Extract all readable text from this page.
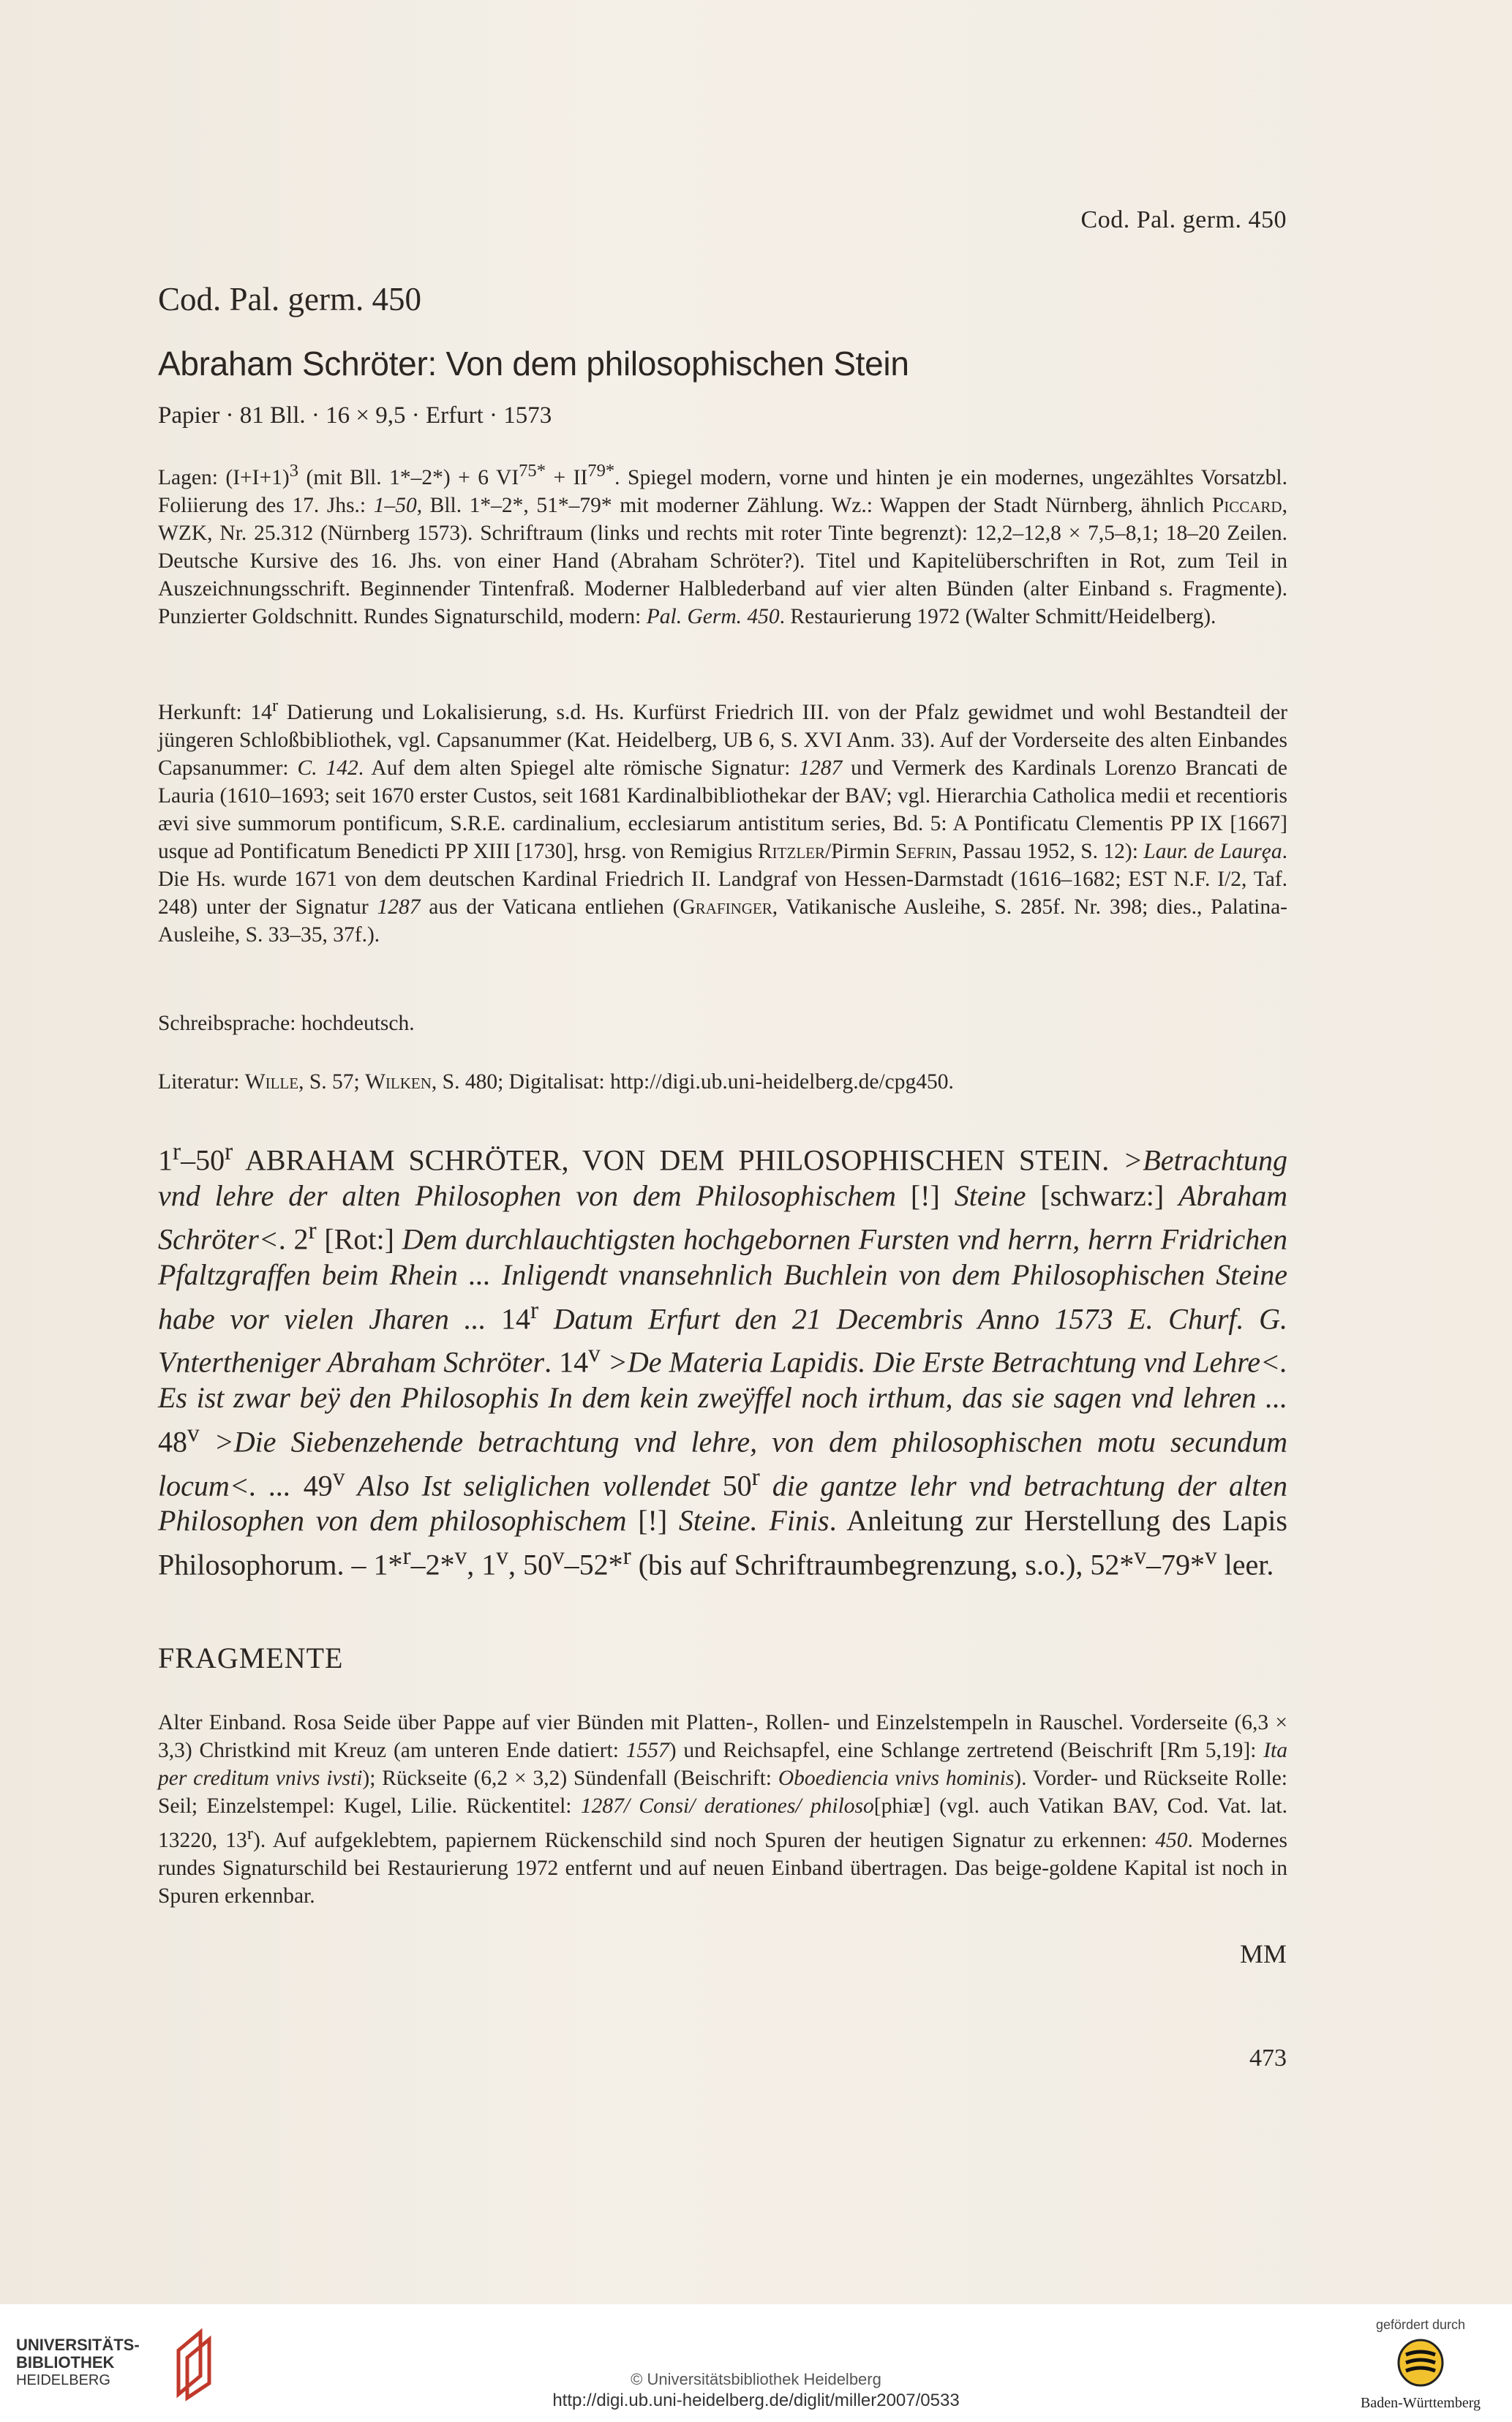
Cod. Pal. germ. 450
Cod. Pal. germ. 450
Abraham Schröter: Von dem philosophischen Stein
Papier · 81 Bll. · 16 × 9,5 · Erfurt · 1573

Lagen: $(I+I+1)^3$ (mit Bll. 1*–2*) + 6 $VI^{75*} + II^{79*}$. Spiegel modern, vorne und hinten je ein modernes, ungezähltes Vorsatzbl. Foliierung des 17. Jhs.: 1–50, Bll. 1*–2*, 51*–79* mit moderner Zählung. Wz.: Wappen der Stadt Nürnberg, ähnlich Piccard, WZK, Nr. 25.312 (Nürnberg 1573). Schriftraum (links und rechts mit roter Tinte begrenzt): 12,2–12,8 × 7,5–8,1; 18–20 Zeilen. Deutsche Kursive des 16. Jhs. von einer Hand (Abraham Schröter?). Titel und Kapitelüberschriften in Rot, zum Teil in Auszeichnungsschrift. Beginnender Tintenfraß. Moderner Halblederband auf vier alten Bünden (alter Einband s. Fragmente). Punzierter Goldschnitt. Rundes Signaturschild, modern: Pal. Germ. 450. Restaurierung 1972 (Walter Schmitt/Heidelberg).

Herkunft: 14$^r$ Datierung und Lokalisierung, s.d. Hs. Kurfürst Friedrich III. von der Pfalz gewidmet und wohl Bestandteil der jüngeren Schloßbibliothek, vgl. Capsanummer (Kat. Heidelberg, UB 6, S. XVI Anm. 33). Auf der Vorderseite des alten Einbandes Capsanummer: C. 142. Auf dem alten Spiegel alte römische Signatur: 1287 und Vermerk des Kardinals Lorenzo Brancati de Lauria (1610–1693; seit 1670 erster Custos, seit 1681 Kardinalbibliothekar der BAV; vgl. Hierarchia Catholica medii et recentioris ævi sive summorum pontificum, S.R.E. cardinalium, ecclesiarum antistitum series, Bd. 5: A Pontificatu Clementis PP IX [1667] usque ad Pontificatum Benedicti PP XIII [1730], hrsg. von Remigius Ritzler/Pirmin Sefrin, Passau 1952, S. 12): Laur. de Laurȩa. Die Hs. wurde 1671 von dem deutschen Kardinal Friedrich II. Landgraf von Hessen-Darmstadt (1616–1682; EST N.F. I/2, Taf. 248) unter der Signatur 1287 aus der Vaticana entliehen (Grafinger, Vatikanische Ausleihe, S. 285f. Nr. 398; dies., Palatina-Ausleihe, S. 33–35, 37f.).

Schreibsprache: hochdeutsch.

Literatur: Wille, S. 57; Wilken, S. 480; Digitalisat: http://digi.ub.uni-heidelberg.de/cpg450.

1$^r$–50$^r$ ABRAHAM SCHRÖTER, VON DEM PHILOSOPHISCHEN STEIN. >Betrachtung vnd lehre der alten Philosophen von dem Philosophischem [!] Steine [schwarz:] Abraham Schröter<. 2$^r$ [Rot:] Dem durchlauchtigsten hochgebornen Fursten vnd herrn, herrn Fridrichen Pfaltzgraffen beim Rhein ... Inligendt vnansehnlich Buchlein von dem Philosophischen Steine habe vor vielen Jharen ... 14$^r$ Datum Erfurt den 21 Decembris Anno 1573 E. Churf. G. Vntertheniger Abraham Schröter. $14^v >De$ Materia Lapidis. Die Erste Betrachtung vnd Lehre<. Es ist zwar beÿ den Philosophis In dem kein zweÿffel noch irthum, das sie sagen vnd lehren ... $48^v >Die$ Siebenzehende betrachtung vnd lehre, von dem philosophischen motu secundum locum<. ... 49$^v$ Also Ist seliglichen vollendet 50$^r$ die gantze lehr vnd betrachtung der alten Philosophen von dem philosophischem [!] Steine. Finis. Anleitung zur Herstellung des Lapis Philosophorum. – 1*$^r$–2*$^v$, 1$^v$, 50$^v$–52*$^r$ (bis auf Schriftraumbegrenzung, s.o.), 52*$^v$–79*$^v$ leer.

FRAGMENTE

Alter Einband. Rosa Seide über Pappe auf vier Bünden mit Platten-, Rollen- und Einzelstempeln in Rauschel. Vorderseite (6,3 × 3,3) Christkind mit Kreuz (am unteren Ende datiert: 1557) und Reichsapfel, eine Schlange zertretend (Beischrift [Rm 5,19]: Ita per creditum vnivs ivsti); Rückseite (6,2 × 3,2) Sündenfall (Beischrift: Oboediencia vnivs hominis). Vorder- und Rückseite Rolle: Seil; Einzelstempel: Kugel, Lilie. Rückentitel: 1287/ Consi/ derationes/ philoso[phiæ] (vgl. auch Vatikan BAV, Cod. Vat. lat. 13220, 13$^r$). Auf aufgeklebtem, papiernem Rückenschild sind noch Spuren der heutigen Signatur zu erkennen: 450. Modernes rundes Signaturschild bei Restaurierung 1972 entfernt und auf neuen Einband übertragen. Das beige-goldene Kapital ist noch in Spuren erkennbar.

MM
473
UNIVERSITÄTS-
BIBLIOTHEK
HEIDELBERG	© Universitätsbibliothek Heidelberg
http://digi.ub.uni-heidelberg.de/diglit/miller2007/0533
gefördert durch
Baden-Württemberg
